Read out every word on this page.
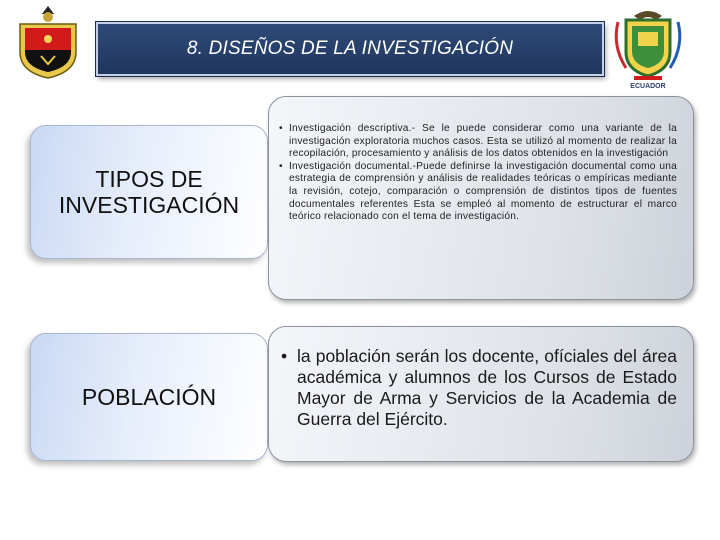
8. DISEÑOS DE LA INVESTIGACIÓN
ECUADOR
TIPOS DE INVESTIGACIÓN
• Investigación descriptiva.- Se le puede considerar como una variante de la investigación exploratoria muchos casos. Esta se utilizó al momento de realizar la recopilación, procesamiento y análisis de los datos obtenidos en la investigación
• Investigación documental.-Puede definirse la investigación documental como una estrategia de comprensión y análisis de realidades teóricas o empíricas mediante la revisión, cotejo, comparación o comprensión de distintos tipos de fuentes documentales referentes Esta se empleó al momento de estructurar el marco teórico relacionado con el tema de investigación.
POBLACIÓN
• la población serán los docente, ofíciales del área académica y alumnos de los Cursos de Estado Mayor de Arma y Servicios de la Academia de Guerra del Ejército.
